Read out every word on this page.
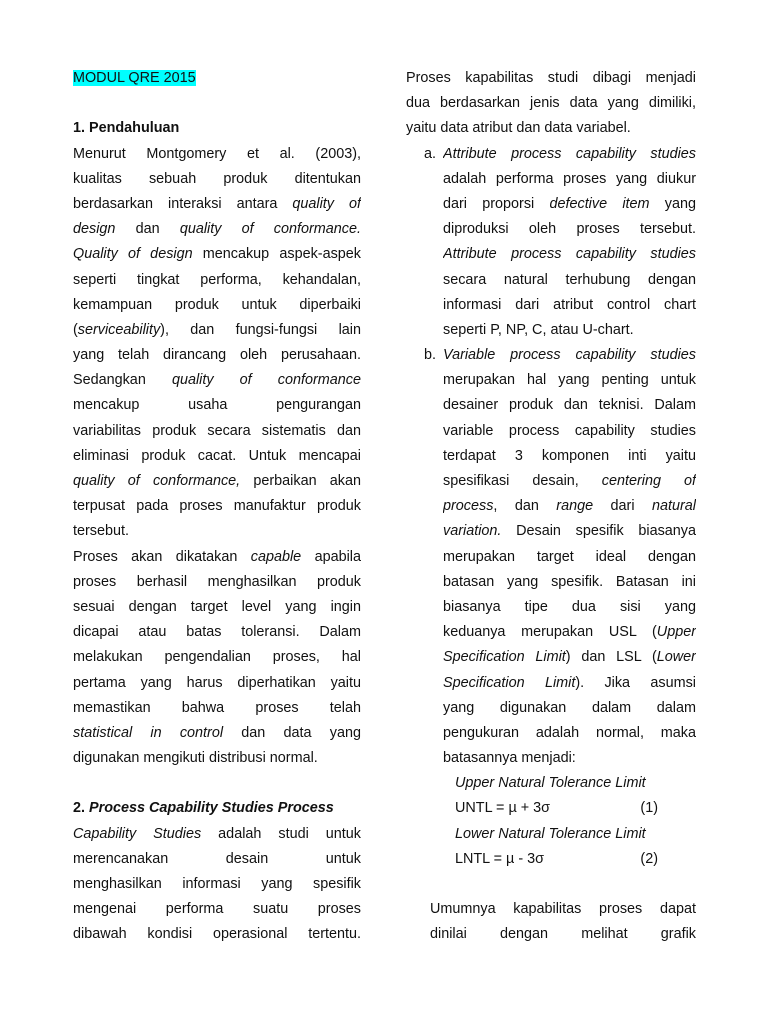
MODUL QRE 2015
1. Pendahuluan
Menurut Montgomery et al. (2003),
kualitas sebuah produk ditentukan
berdasarkan interaksi antara quality of
design dan quality of conformance.
Quality of design mencakup aspek-aspek
seperti tingkat performa, kehandalan,
kemampuan produk untuk diperbaiki
(serviceability), dan fungsi-fungsi lain
yang telah dirancang oleh perusahaan.
Sedangkan quality of conformance
mencakup usaha pengurangan
variabilitas produk secara sistematis dan
eliminasi produk cacat. Untuk mencapai
quality of conformance, perbaikan akan
terpusat pada proses manufaktur produk
tersebut.
Proses akan dikatakan capable apabila
proses berhasil menghasilkan produk
sesuai dengan target level yang ingin
dicapai atau batas toleransi. Dalam
melakukan pengendalian proses, hal
pertama yang harus diperhatikan yaitu
memastikan bahwa proses telah
statistical in control dan data yang
digunakan mengikuti distribusi normal.
2. Process Capability Studies Process
Capability Studies adalah studi untuk
merencanakan desain untuk
menghasilkan informasi yang spesifik
mengenai performa suatu proses
dibawah kondisi operasional tertentu.
Proses kapabilitas studi dibagi menjadi
dua berdasarkan jenis data yang dimiliki,
yaitu data atribut dan data variabel.
a. Attribute process capability studies
adalah performa proses yang diukur
dari proporsi defective item yang
diproduksi oleh proses tersebut.
Attribute process capability studies
secara natural terhubung dengan
informasi dari atribut control chart
seperti P, NP, C, atau U-chart.
b. Variable process capability studies
merupakan hal yang penting untuk
desainer produk dan teknisi. Dalam
variable process capability studies
terdapat 3 komponen inti yaitu
spesifikasi desain, centering of
process, dan range dari natural
variation. Desain spesifik biasanya
merupakan target ideal dengan
batasan yang spesifik. Batasan ini
biasanya tipe dua sisi yang
keduanya merupakan USL (Upper
Specification Limit) dan LSL (Lower
Specification Limit). Jika asumsi
yang digunakan dalam dalam
pengukuran adalah normal, maka
batasannya menjadi:
Upper Natural Tolerance Limit
UNTL = µ + 3σ	(1)
Lower Natural Tolerance Limit
LNTL = µ - 3σ	(2)
Umumnya kapabilitas proses dapat
dinilai dengan melihat grafik
